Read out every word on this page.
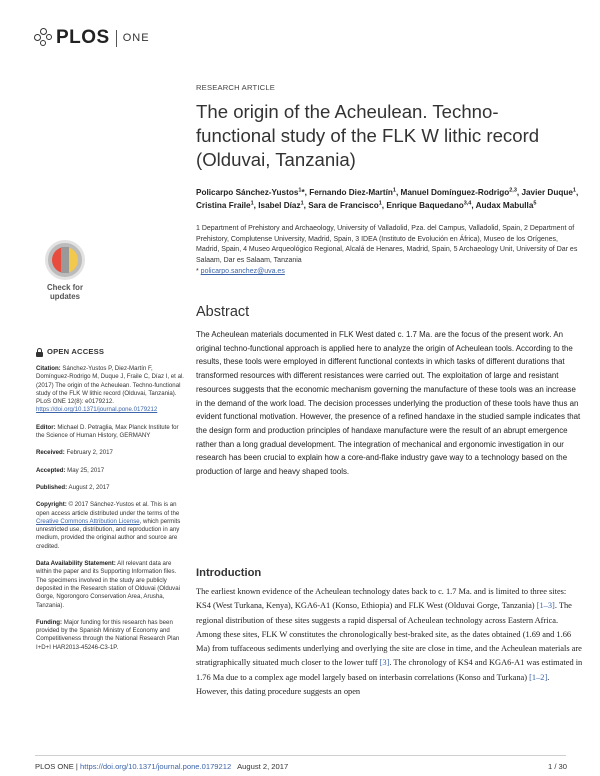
PLOS ONE
RESEARCH ARTICLE
The origin of the Acheulean. Techno-functional study of the FLK W lithic record (Olduvai, Tanzania)
Policarpo Sánchez-Yustos$^1$*, Fernando Diez-Martín$^1$, Manuel Domínguez-Rodrigo$^{2,3}$, Javier Duque$^1$, Cristina Fraile$^1$, Isabel Díaz$^1$, Sara de Francisco$^1$, Enrique Baquedano$^{3,4}$, Audax Mabulla$^5$
1 Department of Prehistory and Archaeology, University of Valladolid, Pza. del Campus, Valladolid, Spain, 2 Department of Prehistory, Complutense University, Madrid, Spain, 3 IDEA (Instituto de Evolución en África), Museo de los Orígenes, Madrid, Spain, 4 Museo Arqueológico Regional, Alcalá de Henares, Madrid, Spain, 5 Archaeology Unit, University of Dar es Salaam, Dar es Salaam, Tanzania
* policarpo.sanchez@uva.es
Check for
updates
Abstract
The Acheulean materials documented in FLK West dated c. 1.7 Ma. are the focus of the present work. An original techno-functional approach is applied here to analyze the origin of Acheulean tools. According to the results, these tools were employed in different functional contexts in which tasks of different durations that transformed resources with different resistances were carried out. The exploitation of large and resistant resources suggests that the economic mechanism governing the manufacture of these tools was an increase in the demand of the work load. The decision processes underlying the production of these tools have thus an evident functional motivation. However, the presence of a refined handaxe in the studied sample indicates that the design form and production principles of handaxe manufacture were the result of an abrupt emergence rather than a long gradual development. The integration of mechanical and ergonomic investigation in our research has been crucial to explain how a core-and-flake industry gave way to a technology based on the production of large and heavy shaped tools.
OPEN ACCESS

Citation: Sánchez-Yustos P, Diez-Martín F, Domínguez-Rodrigo M, Duque J, Fraile C, Díaz I, et al. (2017) The origin of the Acheulean. Techno-functional study of the FLK W lithic record (Olduvai, Tanzania). PLoS ONE 12(8): e0179212. https://doi.org/10.1371/journal.pone.0179212

Editor: Michael D. Petraglia, Max Planck Institute for the Science of Human History, GERMANY

Received: February 2, 2017

Accepted: May 25, 2017

Published: August 2, 2017

Copyright: © 2017 Sánchez-Yustos et al. This is an open access article distributed under the terms of the Creative Commons Attribution License, which permits unrestricted use, distribution, and reproduction in any medium, provided the original author and source are credited.

Data Availability Statement: All relevant data are within the paper and its Supporting Information files. The specimens involved in the study are publicly deposited in the Research station of Olduvai (Olduvai Gorge, Ngorongoro Conservation Area, Arusha, Tanzania).

Funding: Major funding for this research has been provided by the Spanish Ministry of Economy and Competitiveness through the National Research Plan I+D+I HAR2013-45246-C3-1P.

Introduction
The earliest known evidence of the Acheulean technology dates back to c. 1.7 Ma. and is limited to three sites: KS4 (West Turkana, Kenya), KGA6-A1 (Konso, Ethiopia) and FLK West (Olduvai Gorge, Tanzania) [1–3]. The regional distribution of these sites suggests a rapid dispersal of Acheulean technology across Eastern Africa. Among these sites, FLK W constitutes the chronologically best-braked site, as the dates obtained (1.69 and 1.66 Ma) from tuffaceous sediments underlying and overlying the site are close in time, and the Acheulean materials are stratigraphically situated much closer to the lower tuff [3]. The chronology of KS4 and KGA6-A1 was estimated in 1.76 Ma due to a complex age model largely based on interbasin correlations (Konso and Turkana) [1–2]. However, this dating procedure suggests an open
PLOS ONE | https://doi.org/10.1371/journal.pone.0179212   August 2, 2017	1 / 30
